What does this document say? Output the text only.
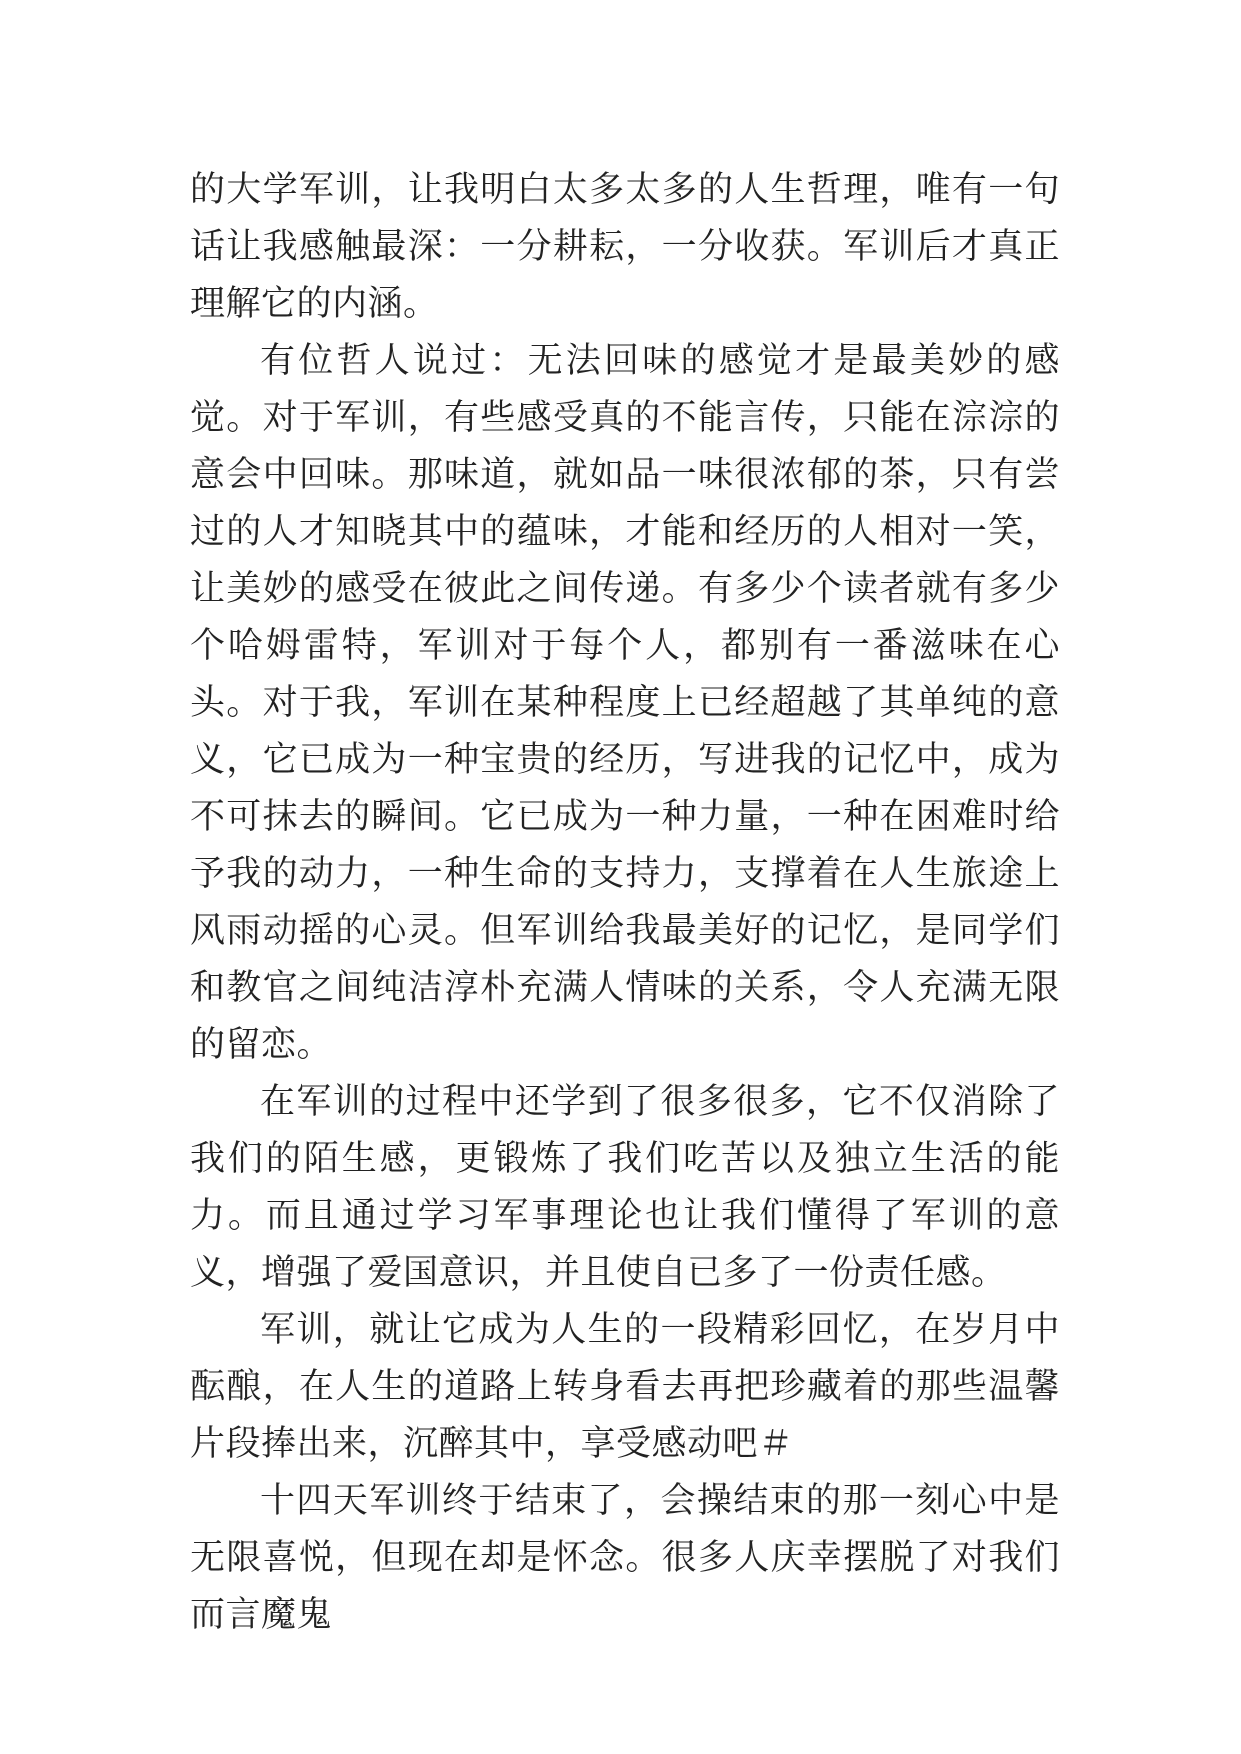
的大学军训，让我明白太多太多的人生哲理，唯有一句话让我感触最深：一分耕耘，一分收获。军训后才真正理解它的内涵。

有位哲人说过：无法回味的感觉才是最美妙的感觉。对于军训，有些感受真的不能言传，只能在淙淙的意会中回味。那味道，就如品一味很浓郁的茶，只有尝过的人才知晓其中的蕴味，才能和经历的人相对一笑，让美妙的感受在彼此之间传递。有多少个读者就有多少个哈姆雷特，军训对于每个人，都别有一番滋味在心头。对于我，军训在某种程度上已经超越了其单纯的意义，它已成为一种宝贵的经历，写进我的记忆中，成为不可抹去的瞬间。它已成为一种力量，一种在困难时给予我的动力，一种生命的支持力，支撑着在人生旅途上风雨动摇的心灵。但军训给我最美好的记忆，是同学们和教官之间纯洁淳朴充满人情味的关系，令人充满无限的留恋。

在军训的过程中还学到了很多很多，它不仅消除了我们的陌生感，更锻炼了我们吃苦以及独立生活的能力。而且通过学习军事理论也让我们懂得了军训的意义，增强了爱国意识，并且使自已多了一份责任感。

军训，就让它成为人生的一段精彩回忆，在岁月中酝酿，在人生的道路上转身看去再把珍藏着的那些温馨片段捧出来，沉醉其中，享受感动吧＃

十四天军训终于结束了，会操结束的那一刻心中是无限喜悦，但现在却是怀念。很多人庆幸摆脱了对我们而言魔鬼
